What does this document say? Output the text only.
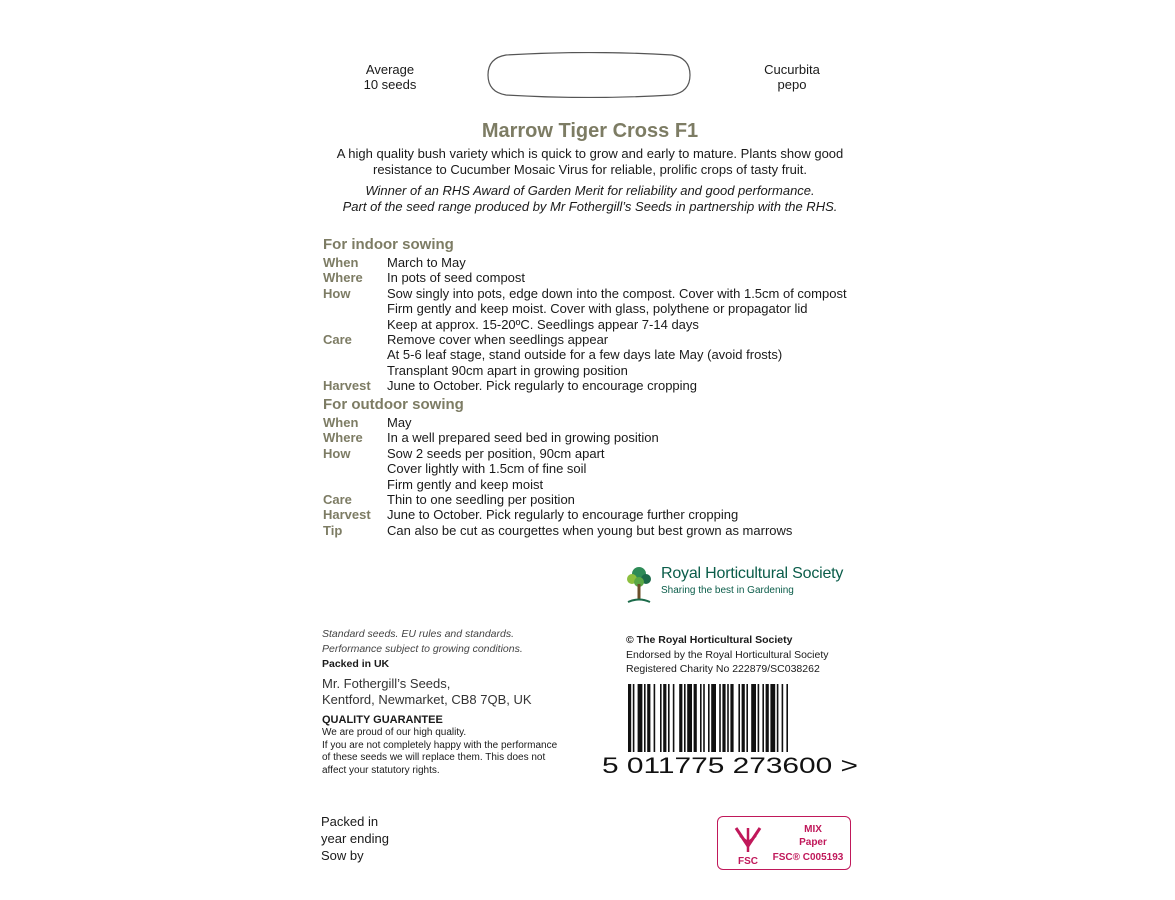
Average
10 seeds
Cucurbita
pepo
Marrow Tiger Cross F1

A high quality bush variety which is quick to grow and early to mature. Plants show good

resistance to Cucumber Mosaic Virus for reliable, prolific crops of tasty fruit.

Winner of an RHS Award of Garden Merit for reliability and good performance.

Part of the seed range produced by Mr Fothergill’s Seeds in partnership with the RHS.

For indoor sowing
When	March to May
Where	In pots of seed compost
How	Sow singly into pots, edge down into the compost. Cover with 1.5cm of compost
Firm gently and keep moist. Cover with glass, polythene or propagator lid
Keep at approx. 15-20ºC. Seedlings appear 7-14 days
Care	Remove cover when seedlings appear
At 5-6 leaf stage, stand outside for a few days late May (avoid frosts)
Transplant 90cm apart in growing position
Harvest	June to October. Pick regularly to encourage cropping
For outdoor sowing
When	May
Where	In a well prepared seed bed in growing position
How	Sow 2 seeds per position, 90cm apart
Cover lightly with 1.5cm of fine soil
Firm gently and keep moist
Care	Thin to one seedling per position
Harvest	June to October. Pick regularly to encourage further cropping
Tip	Can also be cut as courgettes when young but best grown as marrows
Royal Horticultural Society
Sharing the best in Gardening
Standard seeds. EU rules and standards.
Performance subject to growing conditions.
Packed in UK
Mr. Fothergill’s Seeds,
Kentford, Newmarket, CB8 7QB, UK
QUALITY GUARANTEE
We are proud of our high quality.
If you are not completely happy with the performance
of these seeds we will replace them. This does not
affect your statutory rights.
© The Royal Horticultural Society
Endorsed by the Royal Horticultural Society
Registered Charity No 222879/SC038262
5 011775 273600 >
Packed in
year ending
Sow by	FSC
MIX
Paper
FSC® C005193
